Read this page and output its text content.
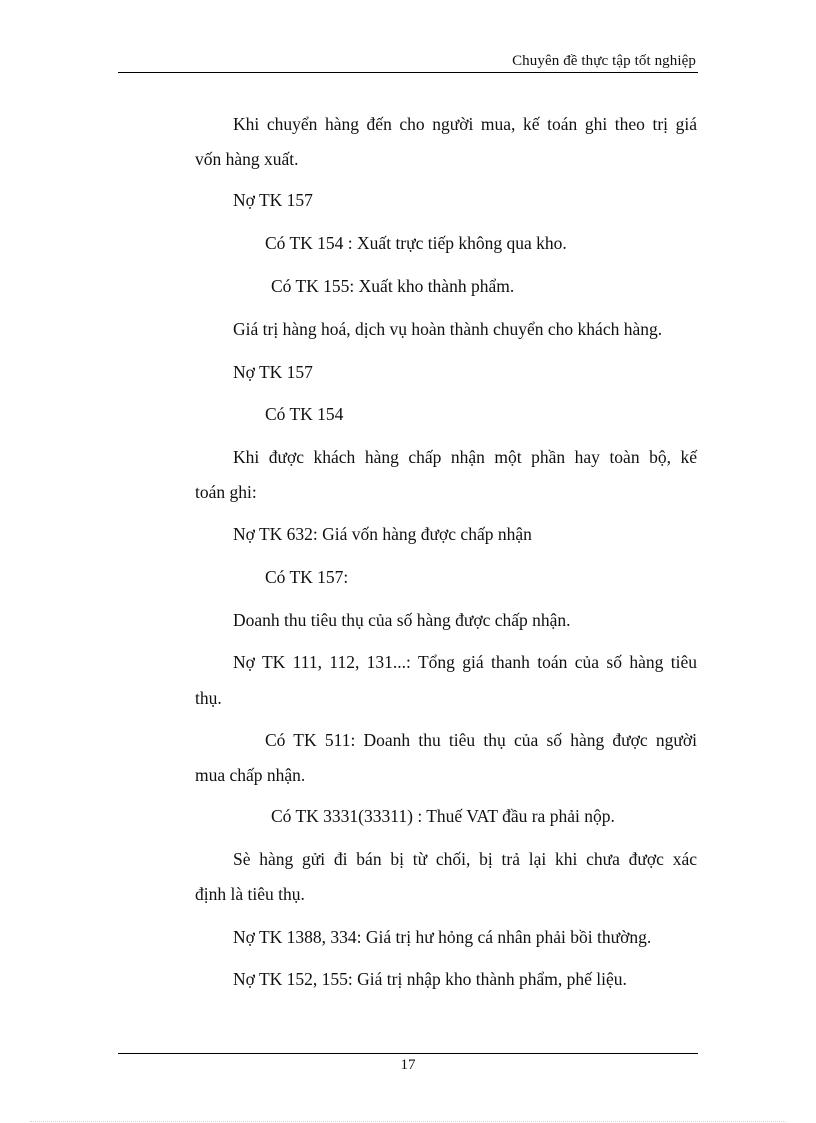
Chuyên đề thực tập tốt nghiệp
Khi chuyển hàng đến cho người mua, kế toán ghi theo trị giá
vốn hàng xuất.
Nợ TK 157
Có TK 154 : Xuất trực tiếp không qua kho.
Có TK 155: Xuất kho thành phẩm.
Giá trị hàng hoá, dịch vụ hoàn thành chuyển cho khách hàng.
Nợ TK 157
Có TK 154
Khi được khách hàng chấp nhận một phần hay toàn bộ, kế
toán ghi:
Nợ TK 632: Giá vốn hàng được chấp nhận
Có TK 157:
Doanh thu tiêu thụ của số hàng được chấp nhận.
Nợ TK 111, 112, 131...: Tổng giá thanh toán của số hàng tiêu
thụ.
Có TK 511: Doanh thu tiêu thụ của số hàng được người
mua chấp nhận.
Có TK 3331(33311) : Thuế VAT đầu ra phải nộp.
Sè hàng gửi đi bán bị từ chối, bị trả lại khi chưa được xác
định là tiêu thụ.
Nợ TK 1388, 334: Giá trị hư hỏng cá nhân phải bồi thường.
Nợ TK 152, 155: Giá trị nhập kho thành phẩm, phế liệu.
17
